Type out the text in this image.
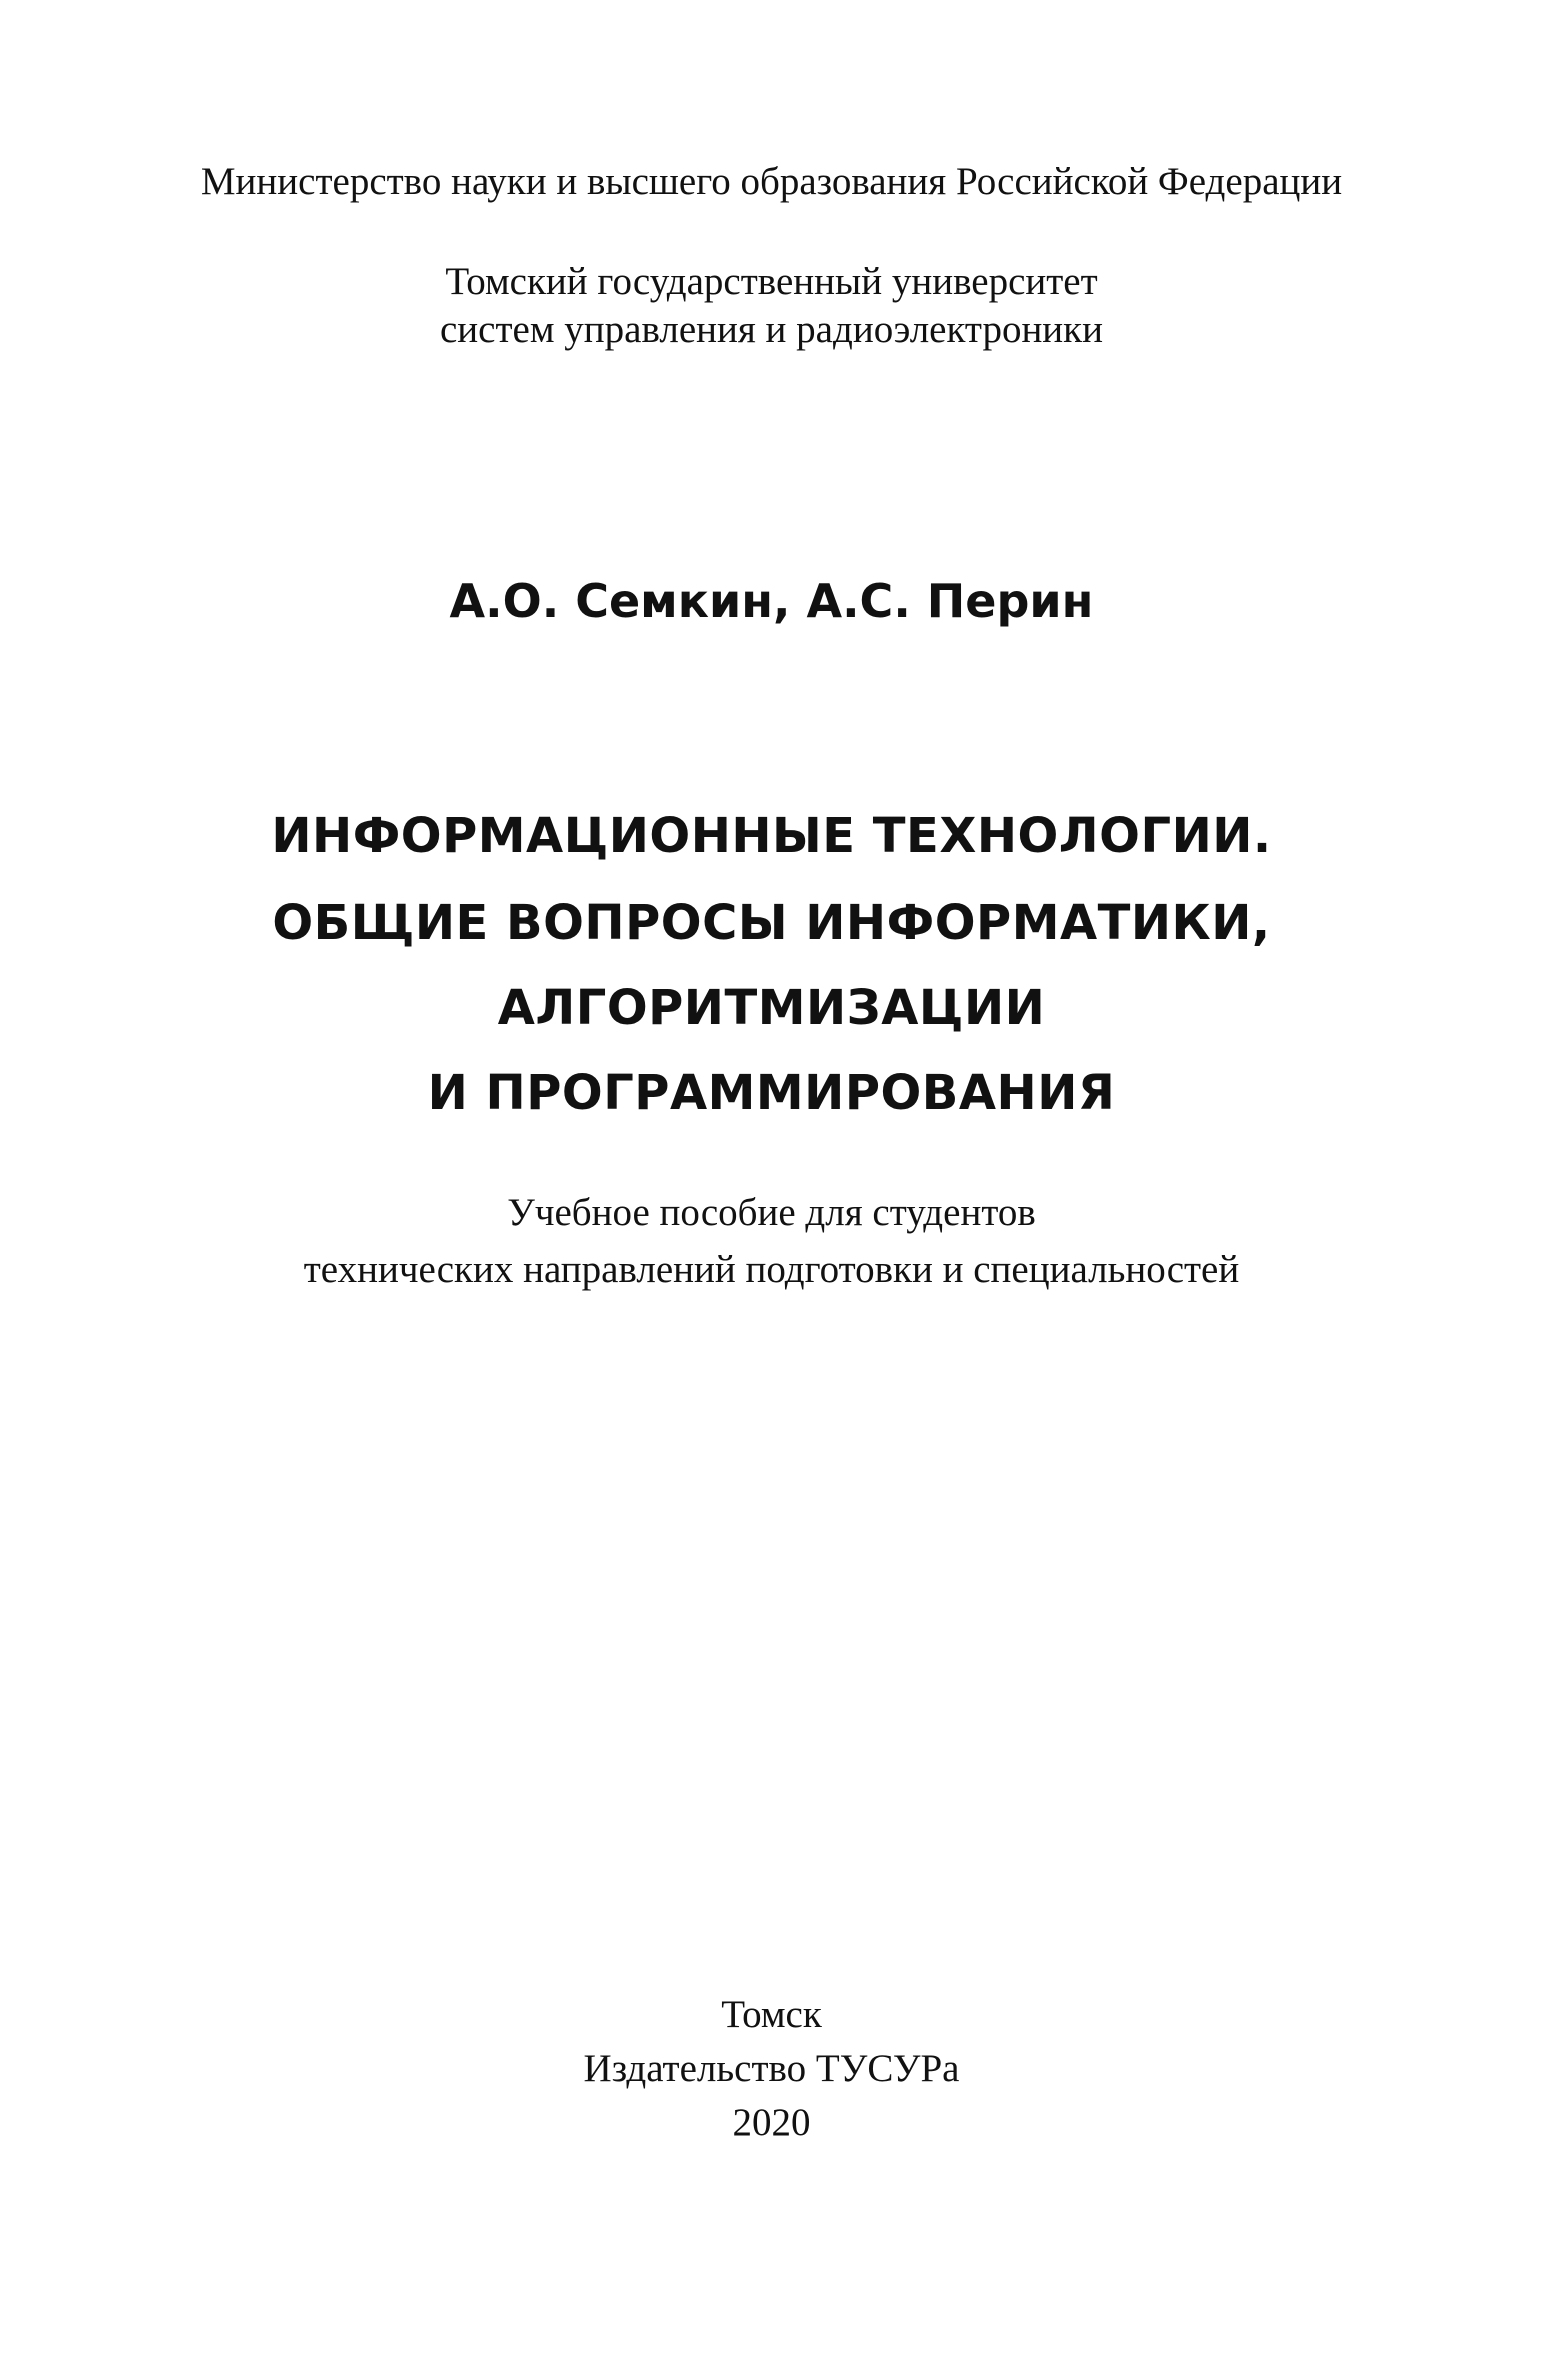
Министерство науки и высшего образования Российской Федерации
Томский государственный университет
систем управления и радиоэлектроники
А.О. Семкин, А.С. Перин
ИНФОРМАЦИОННЫЕ ТЕХНОЛОГИИ.
ОБЩИЕ ВОПРОСЫ ИНФОРМАТИКИ,
АЛГОРИТМИЗАЦИИ
И ПРОГРАММИРОВАНИЯ
Учебное пособие для студентов
технических направлений подготовки и специальностей
Томск
Издательство ТУСУРа
2020
